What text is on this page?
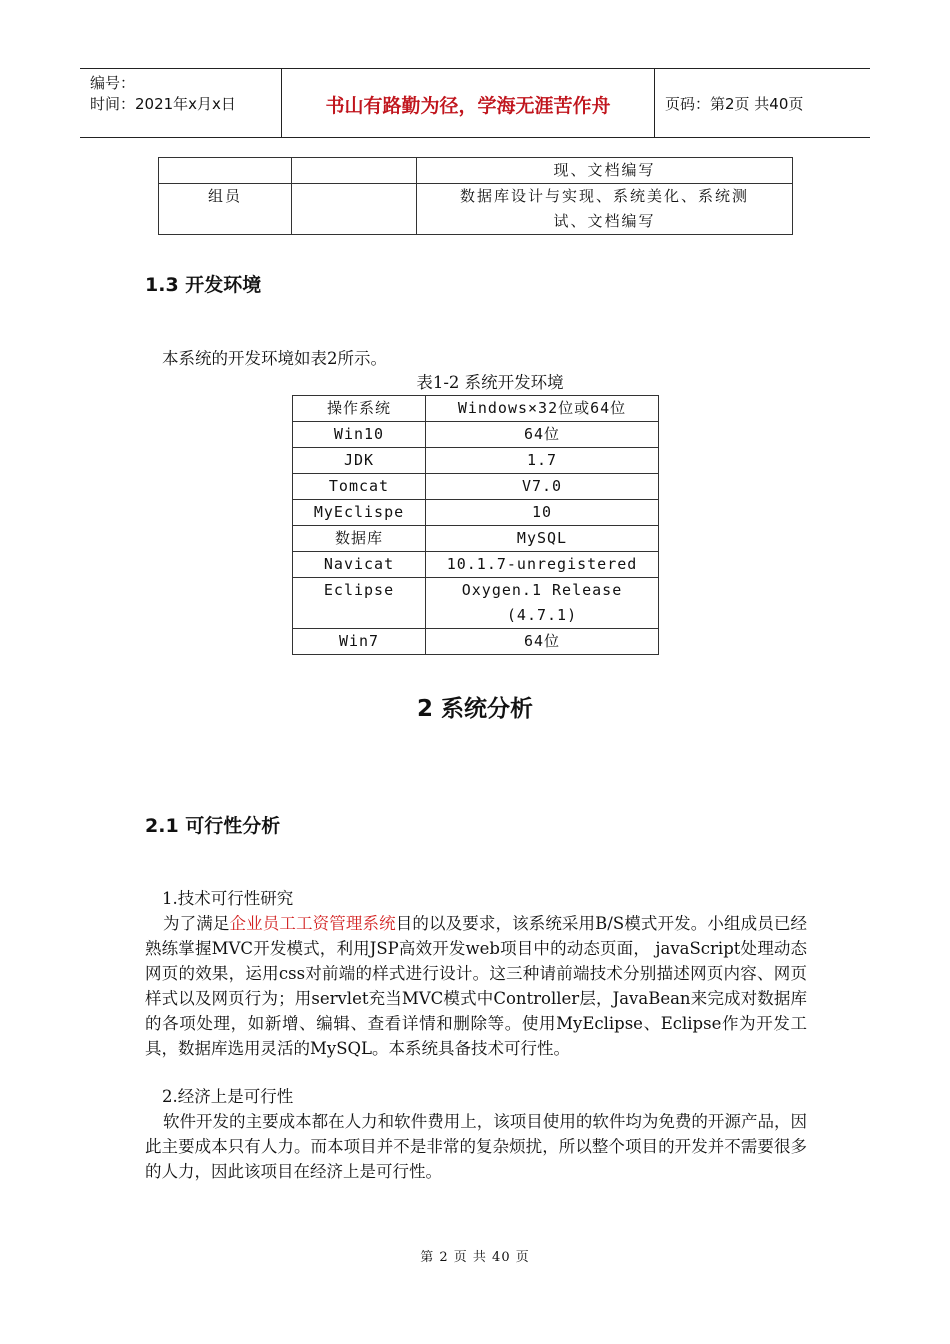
编号：
时间：2021年x月x日	书山有路勤为径，学海无涯苦作舟	页码：第2页 共40页
		现、文档编写
组员		数据库设计与实现、系统美化、系统测
试、文档编写
1.3 开发环境
本系统的开发环境如表2所示。
表1-2 系统开发环境
操作系统	Windows×32位或64位
Win10	64位
JDK	1.7
Tomcat	V7.0
MyEclispe	10
数据库	MySQL
Navicat	10.1.7-unregistered
Eclipse	Oxygen.1 Release
(4.7.1)

Win7	64位
2 系统分析
2.1 可行性分析
1.技术可行性研究
为了满足企业员工工资管理系统目的以及要求，该系统采用B/S模式开发。小组成员已经熟练掌握MVC开发模式，利用JSP高效开发web项目中的动态页面， javaScript处理动态网页的效果，运用css对前端的样式进行设计。这三种请前端技术分别描述网页内容、网页样式以及网页行为；用servlet充当MVC模式中Controller层，JavaBean来完成对数据库的各项处理，如新增、编辑、查看详情和删除等。使用MyEclipse、Eclipse作为开发工具，数据库选用灵活的MySQL。本系统具备技术可行性。
2.经济上是可行性
软件开发的主要成本都在人力和软件费用上，该项目使用的软件均为免费的开源产品，因此主要成本只有人力。而本项目并不是非常的复杂烦扰，所以整个项目的开发并不需要很多的人力，因此该项目在经济上是可行性。
第 2 页 共 40 页
